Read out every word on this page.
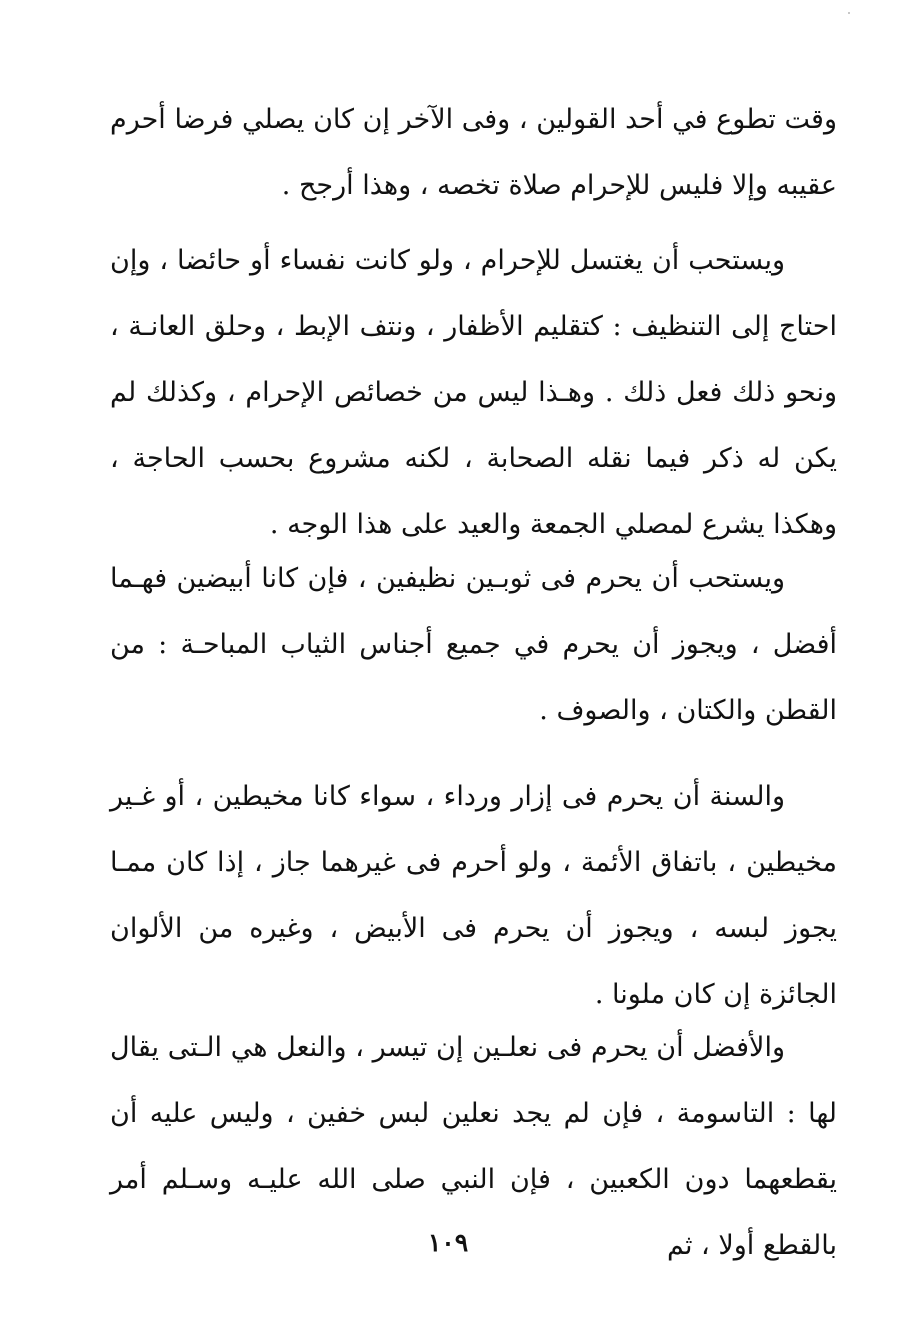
وقت تطوع في أحد القولين ، وفى الآخر إن كان يصلي فرضا أحرم عقيبه وإلا فليس للإحرام صلاة تخصه ، وهذا أرجح .

ويستحب أن يغتسل للإحرام ، ولو كانت نفساء أو حائضا ، وإن احتاج إلى التنظيف : كتقليم الأظفار ، ونتف الإبط ، وحلق العانـة ، ونحو ذلك فعل ذلك . وهـذا ليس من خصائص الإحرام ، وكذلك لم يكن له ذكر فيما نقله الصحابة ، لكنه مشروع بحسب الحاجة ، وهكذا يشرع لمصلي الجمعة والعيد على هذا الوجه .

ويستحب أن يحرم فى ثوبـين نظيفين ، فإن كانا أبيضين فهـما أفضل ، ويجوز أن يحرم في جميع أجناس الثياب المباحـة : من القطن والكتان ، والصوف .

والسنة أن يحرم فى إزار ورداء ، سواء كانا مخيطين ، أو غـير مخيطين ، باتفاق الأئمة ، ولو أحرم فى غيرهما جاز ، إذا كان ممـا يجوز لبسه ، ويجوز أن يحرم فى الأبيض ، وغيره من الألوان الجائزة إن كان ملونا .

والأفضل أن يحرم فى نعلـين إن تيسر ، والنعل هي الـتى يقال لها : التاسومة ، فإن لم يجد نعلين لبس خفين ، وليس عليه أن يقطعهما دون الكعبين ، فإن النبي صلى الله عليـه وسـلم أمر بالقطع أولا ، ثم

١٠٩
